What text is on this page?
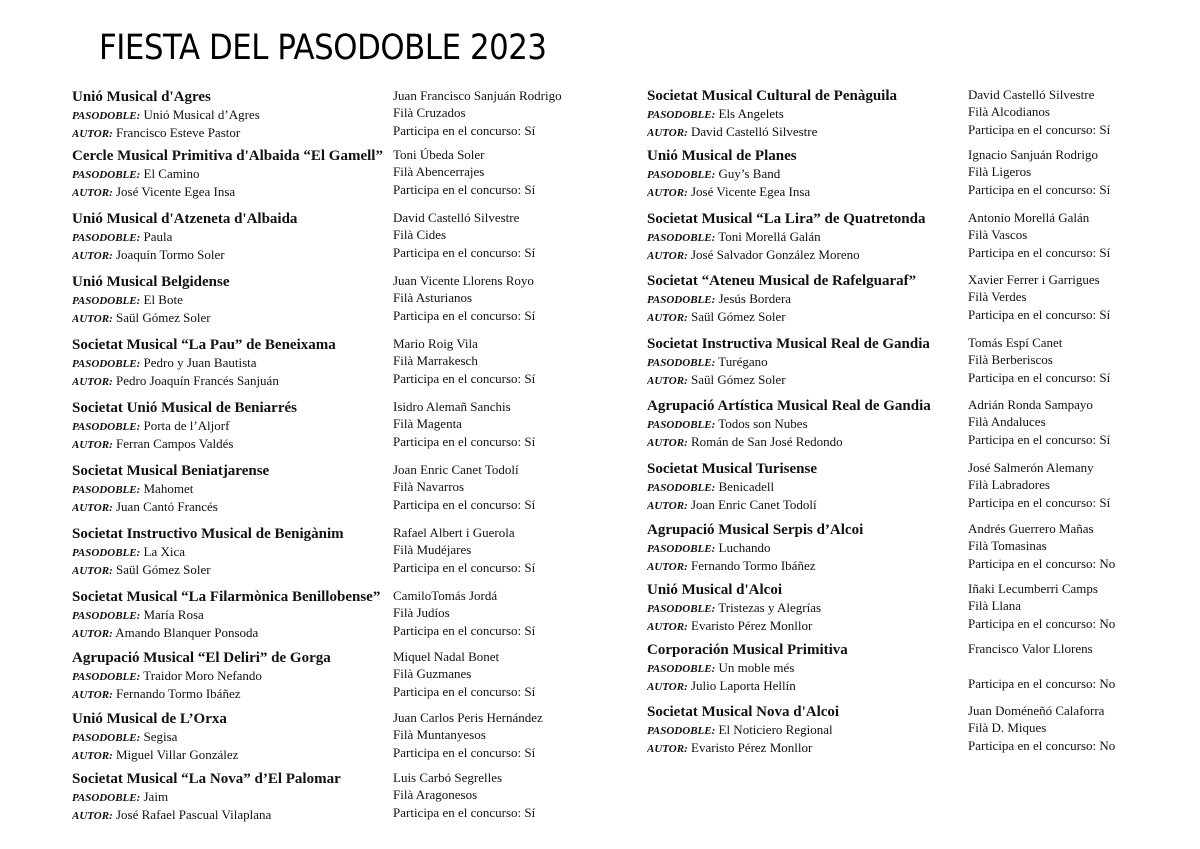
FIESTA DEL PASODOBLE 2023
Unió Musical d'Agres
PASODOBLE: Unió Musical d’Agres
AUTOR: Francisco Esteve Pastor
Juan Francisco Sanjuán Rodrigo
Filà Cruzados
Participa en el concurso: Sí
Cercle Musical Primitiva d'Albaida “El Gamell”
PASODOBLE: El Camino
AUTOR: José Vicente Egea Insa
Toni Úbeda Soler
Filà Abencerrajes
Participa en el concurso: Sí
Unió Musical d'Atzeneta d'Albaida
PASODOBLE: Paula
AUTOR: Joaquín Tormo Soler
David Castelló Silvestre
Filà Cides
Participa en el concurso: Sí
Unió Musical Belgidense
PASODOBLE: El Bote
AUTOR: Saül Gómez Soler
Juan Vicente Llorens Royo
Filà Asturianos
Participa en el concurso: Sí
Societat Musical “La Pau” de Beneixama
PASODOBLE: Pedro y Juan Bautista
AUTOR: Pedro Joaquín Francés Sanjuán
Mario Roig Vila
Filà Marrakesch
Participa en el concurso: Sí
Societat Unió Musical de Beniarrés
PASODOBLE: Porta de l’Aljorf
AUTOR: Ferran Campos Valdés
Isidro Alemañ Sanchis
Filà Magenta
Participa en el concurso: Sí
Societat Musical Beniatjarense
PASODOBLE: Mahomet
AUTOR: Juan Cantó Francés
Joan Enric Canet Todolí
Filà Navarros
Participa en el concurso: Sí
Societat Instructivo Musical de Benigànim
PASODOBLE: La Xica
AUTOR: Saül Gómez Soler
Rafael Albert i Guerola
Filà Mudéjares
Participa en el concurso: Sí
Societat Musical “La Filarmònica Benillobense”
PASODOBLE: María Rosa
AUTOR: Amando Blanquer Ponsoda
CamiloTomás Jordá
Filà Judíos
Participa en el concurso: Sí
Agrupació Musical “El Deliri” de Gorga
PASODOBLE: Traidor Moro Nefando
AUTOR: Fernando Tormo Ibáñez
Miquel Nadal Bonet
Filà Guzmanes
Participa en el concurso: Sí
Unió Musical de L’Orxa
PASODOBLE: Segisa
AUTOR: Miguel Villar González
Juan Carlos Peris Hernández
Filà Muntanyesos
Participa en el concurso: Sí
Societat Musical “La Nova” d’El Palomar
PASODOBLE: Jaim
AUTOR: José Rafael Pascual Vilaplana
Luis Carbó Segrelles
Filà Aragonesos
Participa en el concurso: Sí
Societat Musical Cultural de Penàguila
PASODOBLE: Els Angelets
AUTOR: David Castelló Silvestre
David Castelló Silvestre
Filà Alcodianos
Participa en el concurso: Sí
Unió Musical de Planes
PASODOBLE: Guy’s Band
AUTOR: José Vicente Egea Insa
Ignacio Sanjuán Rodrigo
Filà Ligeros
Participa en el concurso: Sí
Societat Musical “La Lira” de Quatretonda
PASODOBLE: Toni Morellá Galán
AUTOR: José Salvador González Moreno
Antonio Morellá Galán
Filà Vascos
Participa en el concurso: Sí
Societat “Ateneu Musical de Rafelguaraf”
PASODOBLE: Jesús Bordera
AUTOR: Saül Gómez Soler
Xavier Ferrer i Garrigues
Filà Verdes
Participa en el concurso: Sí
Societat Instructiva Musical Real de Gandia
PASODOBLE: Turégano
AUTOR: Saül Gómez Soler
Tomás Espí Canet
Filà Berberiscos
Participa en el concurso: Sí
Agrupació Artística Musical Real de Gandia
PASODOBLE: Todos son Nubes
AUTOR: Román de San José Redondo
Adrián Ronda Sampayo
Filà Andaluces
Participa en el concurso: Sí
Societat Musical Turisense
PASODOBLE: Benicadell
AUTOR: Joan Enric Canet Todolí
José Salmerón Alemany
Filà Labradores
Participa en el concurso: Sí
Agrupació Musical Serpis d’Alcoi
PASODOBLE: Luchando
AUTOR: Fernando Tormo Ibáñez
Andrés Guerrero Mañas
Filà Tomasinas
Participa en el concurso: No
Unió Musical d'Alcoi
PASODOBLE: Tristezas y Alegrías
AUTOR: Evaristo Pérez Monllor
Iñaki Lecumberri Camps
Filà Llana
Participa en el concurso: No
Corporación Musical Primitiva
PASODOBLE: Un moble més
AUTOR: Julio Laporta Hellín
Francisco Valor Llorens
Participa en el concurso: No
Societat Musical Nova d'Alcoi
PASODOBLE: El Noticiero Regional
AUTOR: Evaristo Pérez Monllor
Juan Doméneñó Calaforra
Filà D. Miques
Participa en el concurso: No
